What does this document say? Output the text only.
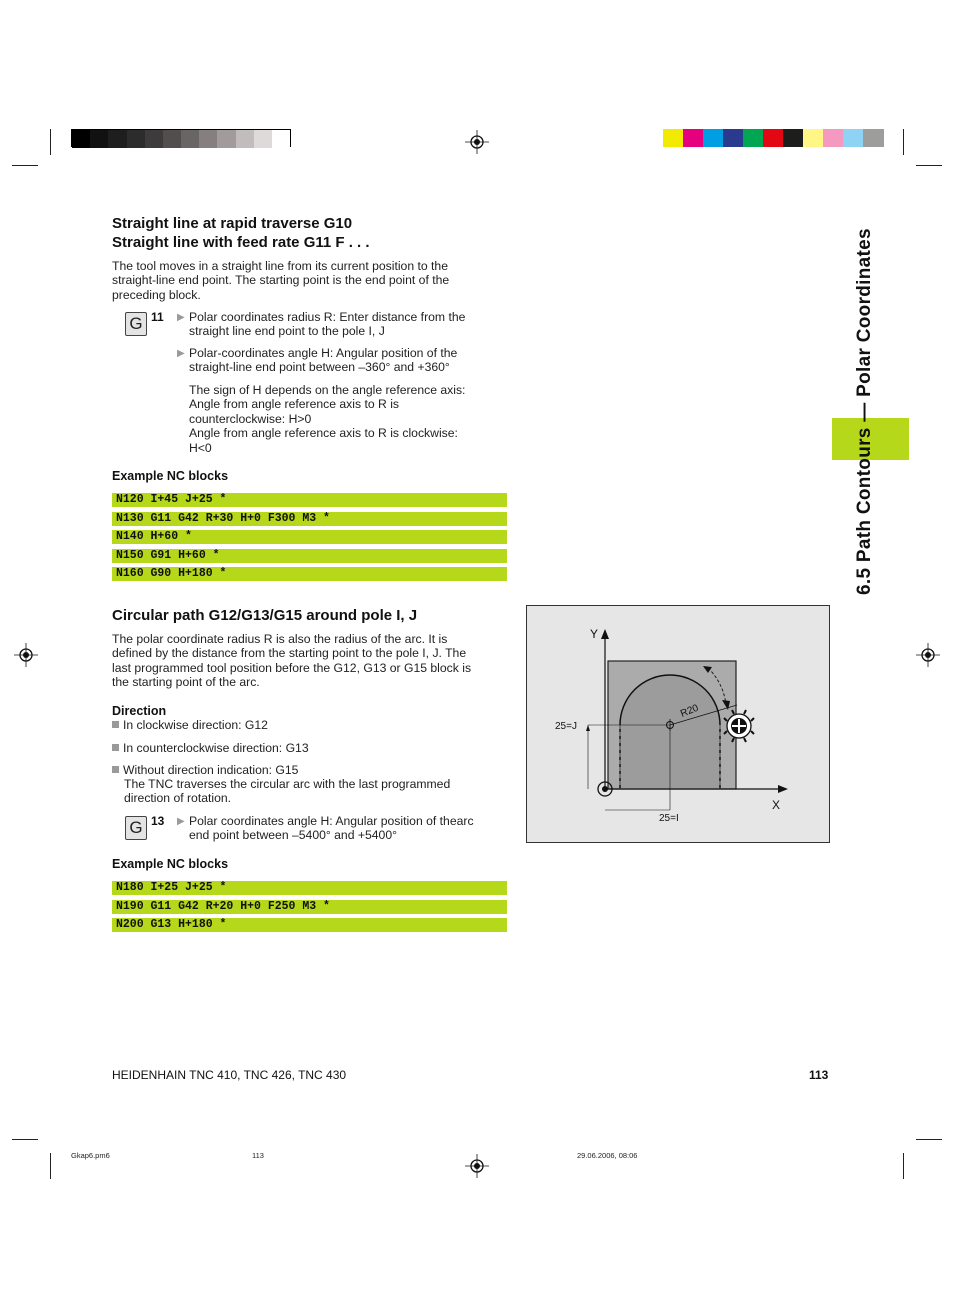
6.5 Path Contours — Polar Coordinates
Straight line at rapid traverse G10
Straight line with feed rate G11 F . . .
The tool moves in a straight line from its current position to the
straight-line end point. The starting point is the end point of the
preceding block.
G 11 ▶ Polar coordinates radius R: Enter distance from the
straight line end point to the pole I, J
▶ Polar-coordinates angle H: Angular position of the
straight-line end point between –360° and +360°
The sign of H depends on the angle reference axis:
Angle from angle reference axis to R is
counterclockwise: H>0
Angle from angle reference axis to R is clockwise:
H<0
Example NC blocks
N120 I+45 J+25 *
N130 G11 G42 R+30 H+0 F300 M3 *
N140 H+60 *
N150 G91 H+60 *
N160 G90 H+180 *
Circular path G12/G13/G15 around pole I, J
The polar coordinate radius R is also the radius of the arc. It is
defined by the distance from the starting point to the pole I, J. The
last programmed tool position before the G12, G13 or G15 block is
the starting point of the arc.
Direction
In clockwise direction: G12
In counterclockwise direction: G13
Without direction indication: G15
The TNC traverses the circular arc with the last programmed
direction of rotation.
G 13 ▶ Polar coordinates angle H: Angular position of thearc
end point between –5400° and +5400°
Example NC blocks
N180 I+25 J+25 *
N190 G11 G42 R+20 H+0 F250 M3 *
N200 G13 H+180 *
Y
X
25=J
25=I
R20
HEIDENHAIN TNC 410, TNC 426, TNC 430	113
Gkap6.pm6	113	29.06.2006, 08:06
